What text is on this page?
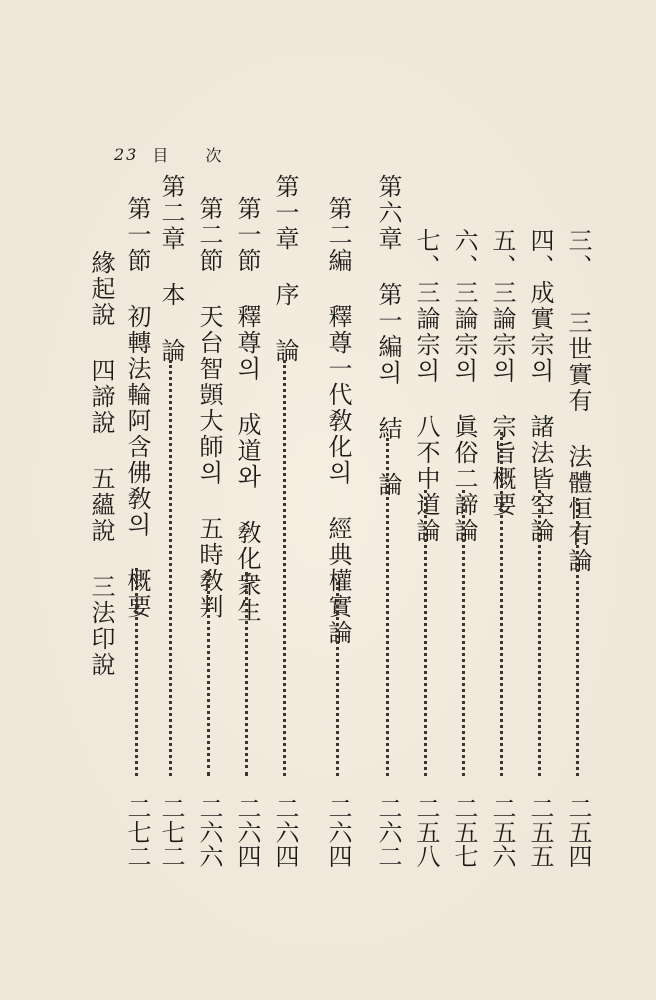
23 目 次
三、 三世實有 法體恒有論
二五四
四、成實宗의 諸法皆空論
二五五
五、三論宗의 宗旨概要
二五六
六、三論宗의 眞俗二諦論
二五七
七、三論宗의 八不中道論
二五八
第六章 第一編의 結 論
二六二
第二編 釋尊一代敎化의 經典權實論
二六四
第一章 序 論
二六四
第一節 釋尊의 成道와 敎化衆生
二六四
第二節 天台智顗大師의 五時敎判
二六六
第二章 本 論
二七二
第一節 初轉法輪阿含佛敎의 概要
二七二
緣起說 四諦說 五蘊說 三法印說
